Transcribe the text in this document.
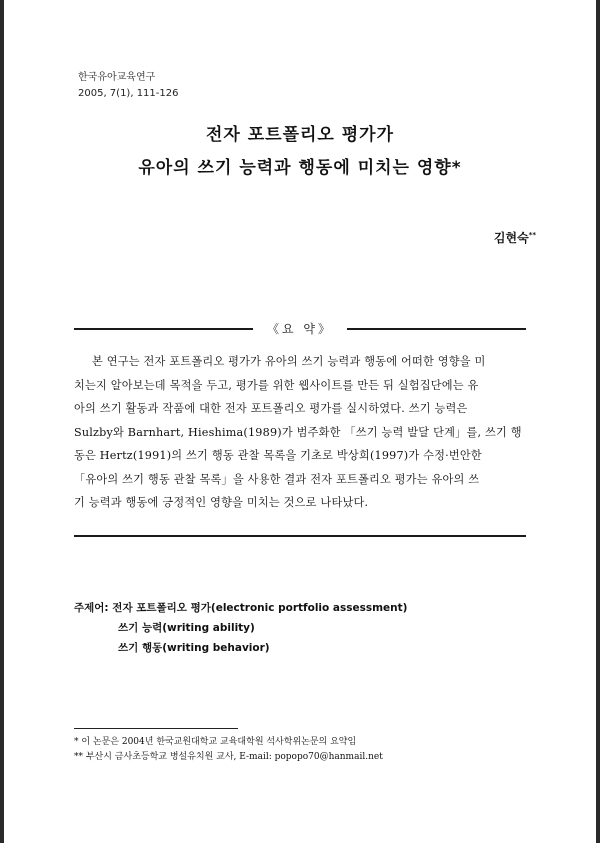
한국유아교육연구
2005, 7(1), 111-126
전자 포트폴리오 평가가
유아의 쓰기 능력과 행동에 미치는 영향*
김현숙**
《요 약》
본 연구는 전자 포트폴리오 평가가 유아의 쓰기 능력과 행동에 어떠한 영향을 미
치는지 알아보는데 목적을 두고, 평가를 위한 웹사이트를 만든 뒤 실험집단에는 유
아의 쓰기 활동과 작품에 대한 전자 포트폴리오 평가를 실시하였다. 쓰기 능력은
Sulzby와 Barnhart, Hieshima(1989)가 범주화한 「쓰기 능력 발달 단계」를, 쓰기 행
동은 Hertz(1991)의 쓰기 행동 관찰 목록을 기초로 박상희(1997)가 수정·번안한
「유아의 쓰기 행동 관찰 목록」을 사용한 결과 전자 포트폴리오 평가는 유아의 쓰
기 능력과 행동에 긍정적인 영향을 미치는 것으로 나타났다.
주제어: 전자 포트폴리오 평가(electronic portfolio assessment)
쓰기 능력(writing ability)
쓰기 행동(writing behavior)
* 이 논문은 2004년 한국교원대학교 교육대학원 석사학위논문의 요약임
** 부산시 금사초등학교 병설유치원 교사, E-mail: popopo70@hanmail.net
